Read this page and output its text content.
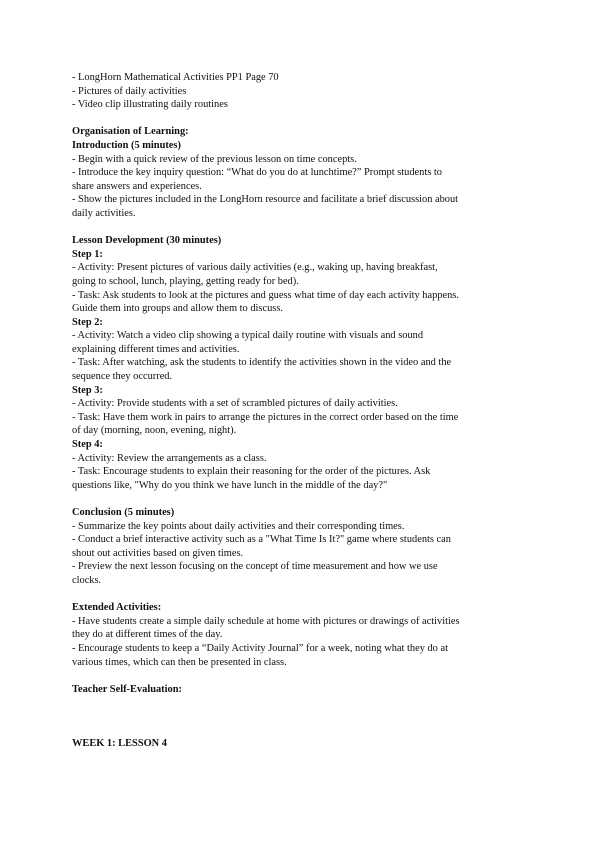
- LongHorn Mathematical Activities PP1 Page 70
- Pictures of daily activities
- Video clip illustrating daily routines
Organisation of Learning:
Introduction (5 minutes)
- Begin with a quick review of the previous lesson on time concepts.
- Introduce the key inquiry question: “What do you do at lunchtime?” Prompt students to
share answers and experiences.
- Show the pictures included in the LongHorn resource and facilitate a brief discussion about
daily activities.
Lesson Development (30 minutes)
Step 1:
- Activity: Present pictures of various daily activities (e.g., waking up, having breakfast,
going to school, lunch, playing, getting ready for bed).
- Task: Ask students to look at the pictures and guess what time of day each activity happens.
Guide them into groups and allow them to discuss.
Step 2:
- Activity: Watch a video clip showing a typical daily routine with visuals and sound
explaining different times and activities.
- Task: After watching, ask the students to identify the activities shown in the video and the
sequence they occurred.
Step 3:
- Activity: Provide students with a set of scrambled pictures of daily activities.
- Task: Have them work in pairs to arrange the pictures in the correct order based on the time
of day (morning, noon, evening, night).
Step 4:
- Activity: Review the arrangements as a class.
- Task: Encourage students to explain their reasoning for the order of the pictures. Ask
questions like, "Why do you think we have lunch in the middle of the day?"
Conclusion (5 minutes)
- Summarize the key points about daily activities and their corresponding times.
- Conduct a brief interactive activity such as a "What Time Is It?" game where students can
shout out activities based on given times.
- Preview the next lesson focusing on the concept of time measurement and how we use
clocks.
Extended Activities:
- Have students create a simple daily schedule at home with pictures or drawings of activities
they do at different times of the day.
- Encourage students to keep a “Daily Activity Journal” for a week, noting what they do at
various times, which can then be presented in class.
Teacher Self-Evaluation:
WEEK 1: LESSON 4
